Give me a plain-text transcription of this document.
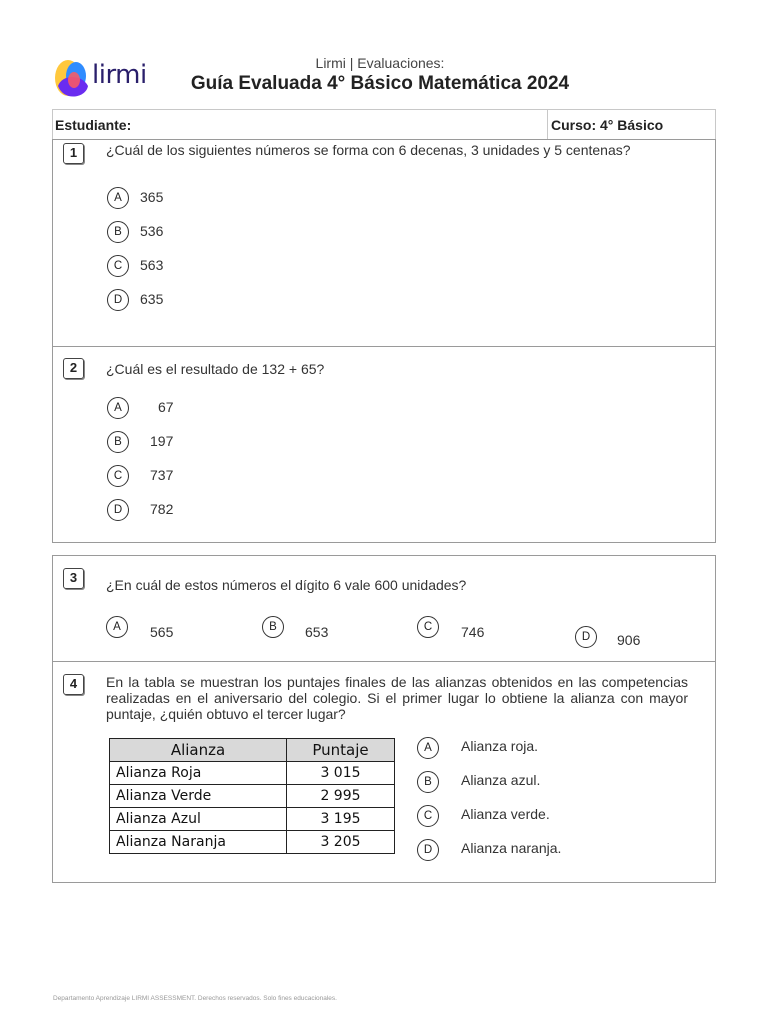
lirmi	Lirmi | Evaluaciones:
Guía Evaluada 4° Básico Matemática 2024
Estudiante:	Curso: 4° Básico
1	¿Cuál de los siguientes números se forma con 6 decenas, 3 unidades y 5 centenas?
A	365
B	536
C	563
D	635
2	¿Cuál es el resultado de 132 + 65?
A	67
B	197
C	737
D	782
3	¿En cuál de estos números el dígito 6 vale 600 unidades?
A	565	B	653	C	746	D	906
4	En la tabla se muestran los puntajes finales de las alianzas obtenidos en las competencias
realizadas en el aniversario del colegio. Si el primer lugar lo obtiene la alianza con mayor
puntaje, ¿quién obtuvo el tercer lugar?
Alianza	Puntaje
Alianza Roja	3 015
Alianza Verde	2 995
Alianza Azul	3 195
Alianza Naranja	3 205
A	Alianza roja.
B	Alianza azul.
C	Alianza verde.
D	Alianza naranja.
Departamento Aprendizaje LIRMI ASSESSMENT. Derechos reservados. Solo fines educacionales.
